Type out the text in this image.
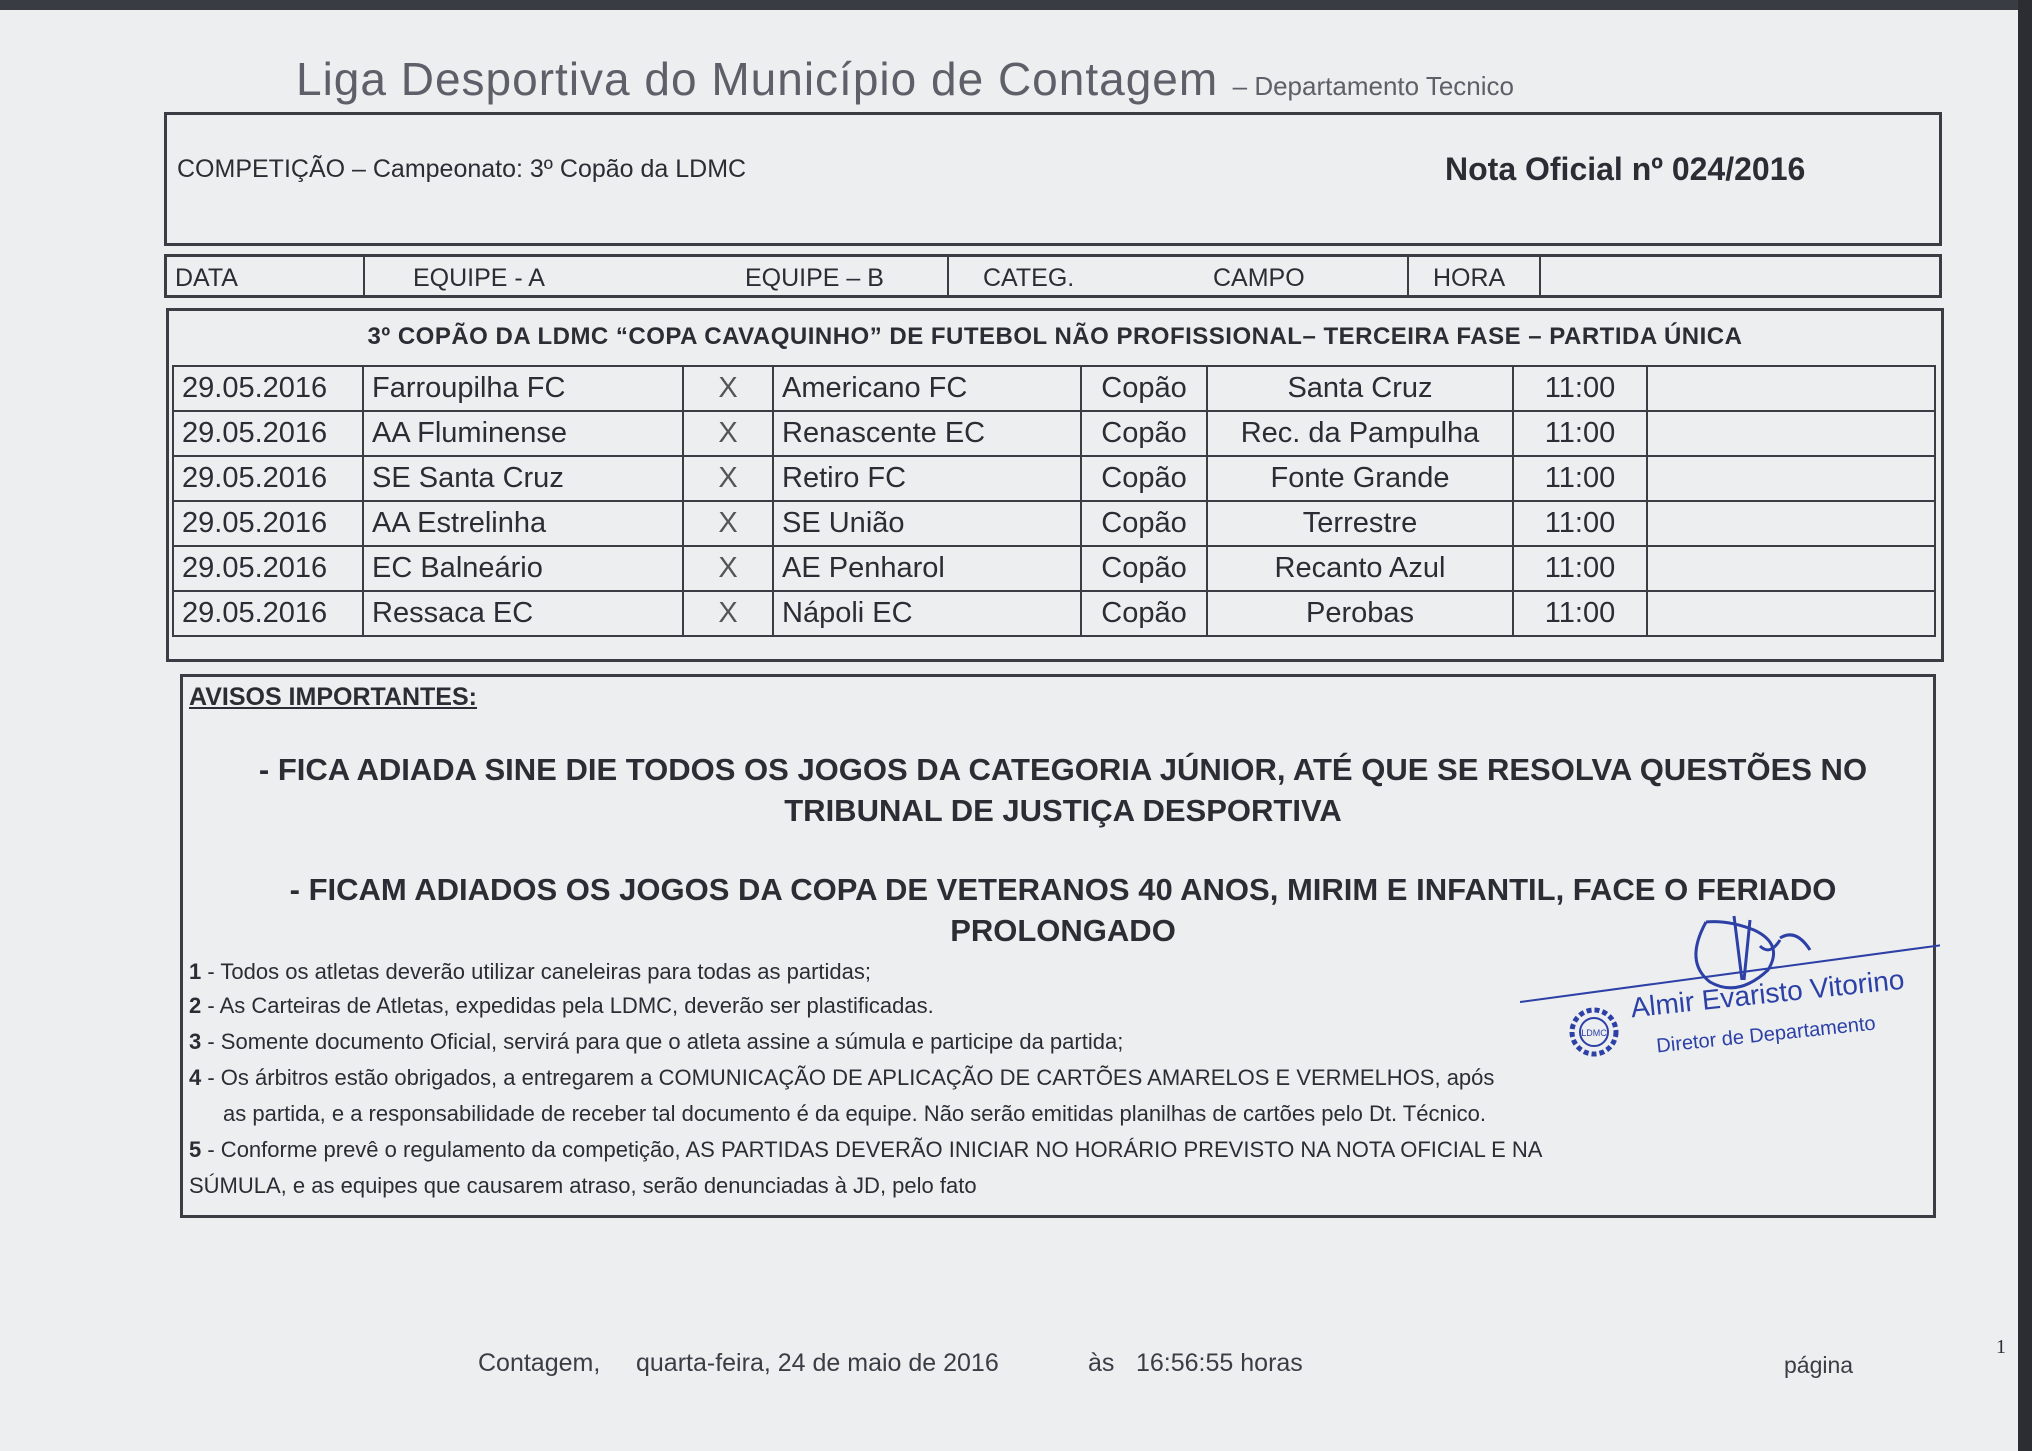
Liga Desportiva do Município de Contagem – Departamento Tecnico
COMPETIÇÃO – Campeonato: 3º Copão da LDMC	Nota Oficial nº 024/2016
DATA	EQUIPE - A	EQUIPE – B	CATEG.	CAMPO	HORA
3º COPÃO DA LDMC “COPA CAVAQUINHO” DE FUTEBOL NÃO PROFISSIONAL– TERCEIRA FASE – PARTIDA ÚNICA
29.05.2016	Farroupilha FC	X	Americano FC	Copão	Santa Cruz	11:00	
29.05.2016	AA Fluminense	X	Renascente EC	Copão	Rec. da Pampulha	11:00	
29.05.2016	SE Santa Cruz	X	Retiro FC	Copão	Fonte Grande	11:00	
29.05.2016	AA Estrelinha	X	SE União	Copão	Terrestre	11:00	
29.05.2016	EC Balneário	X	AE Penharol	Copão	Recanto Azul	11:00	
29.05.2016	Ressaca EC	X	Nápoli EC	Copão	Perobas	11:00	
AVISOS IMPORTANTES:
- FICA ADIADA SINE DIE TODOS OS JOGOS DA CATEGORIA JÚNIOR, ATÉ QUE SE RESOLVA QUESTÕES NO TRIBUNAL DE JUSTIÇA DESPORTIVA
- FICAM ADIADOS OS JOGOS DA COPA DE VETERANOS 40 ANOS, MIRIM E INFANTIL, FACE O FERIADO PROLONGADO
1 - Todos os atletas deverão utilizar caneleiras para todas as partidas;
2 - As Carteiras de Atletas, expedidas pela LDMC, deverão ser plastificadas.
3 - Somente documento Oficial, servirá para que o atleta assine a súmula e participe da partida;
4 - Os árbitros estão obrigados, a entregarem a COMUNICAÇÃO DE APLICAÇÃO DE CARTÕES AMARELOS E VERMELHOS, após
as partida, e a responsabilidade de receber tal documento é da equipe. Não serão emitidas planilhas de cartões pelo Dt. Técnico.
5 - Conforme prevê o regulamento da competição, AS PARTIDAS DEVERÃO INICIAR NO HORÁRIO PREVISTO NA NOTA OFICIAL E NA
SÚMULA, e as equipes que causarem atraso, serão denunciadas à JD, pelo fato
LDMC
Almir Evaristo Vitorino
Diretor de Departamento
Contagem, quarta-feira, 24 de maio de 2016	às 16:56:55 horas	página
1
